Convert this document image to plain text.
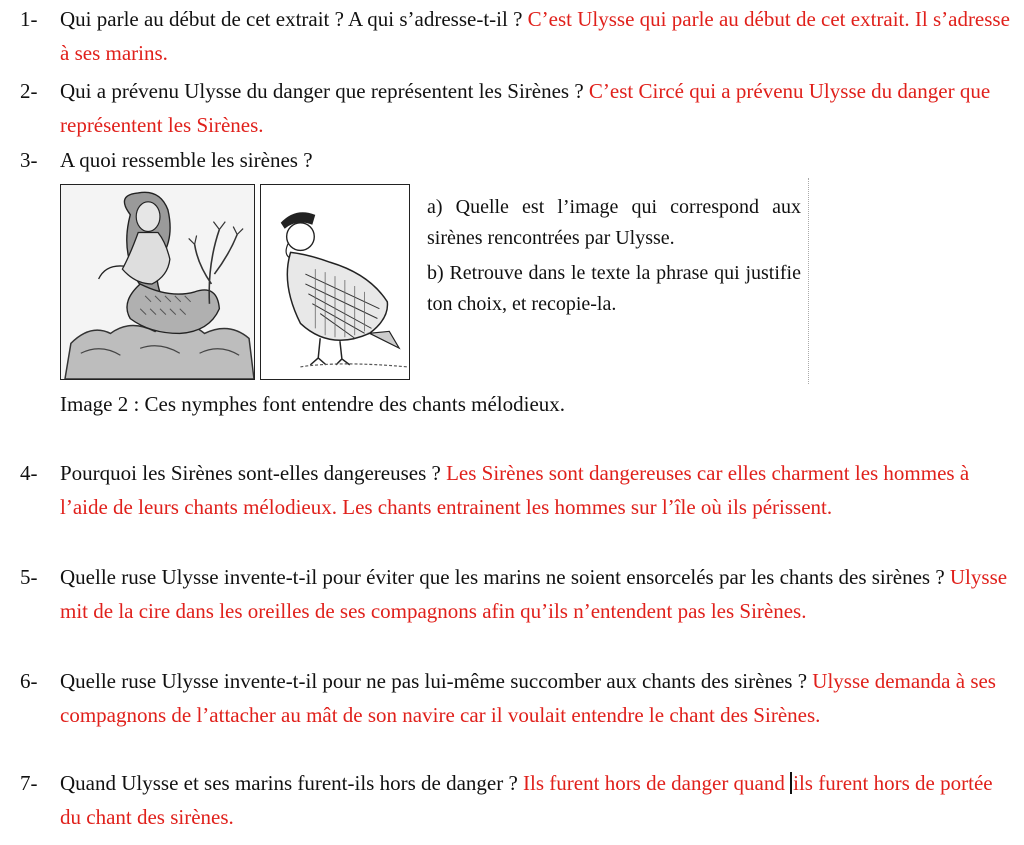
1- Qui parle au début de cet extrait ? A qui s’adresse-t-il ? C’est Ulysse qui parle au début de cet extrait. Il s’adresse à ses marins.
2- Qui a prévenu Ulysse du danger que représentent les Sirènes ? C’est Circé qui a prévenu Ulysse du danger que représentent les Sirènes.
3- A quoi ressemble les sirènes ?

a) Quelle est l’image qui correspond aux sirènes rencontrées par Ulysse.

b) Retrouve dans le texte la phrase qui justifie ton choix, et recopie-la.

Image 2 : Ces nymphes font entendre des chants mélodieux.
4- Pourquoi les Sirènes sont-elles dangereuses ? Les Sirènes sont dangereuses car elles charment les hommes à l’aide de leurs chants mélodieux. Les chants entrainent les hommes sur l’île où ils périssent.
5- Quelle ruse Ulysse invente-t-il pour éviter que les marins ne soient ensorcelés par les chants des sirènes ? Ulysse mit de la cire dans les oreilles de ses compagnons afin qu’ils n’entendent pas les Sirènes.
6- Quelle ruse Ulysse invente-t-il pour ne pas lui-même succomber aux chants des sirènes ? Ulysse demanda à ses compagnons de l’attacher au mât de son navire car il voulait entendre le chant des Sirènes.
7- Quand Ulysse et ses marins furent-ils hors de danger ? Ils furent hors de danger quand ils furent hors de portée du chant des sirènes.
